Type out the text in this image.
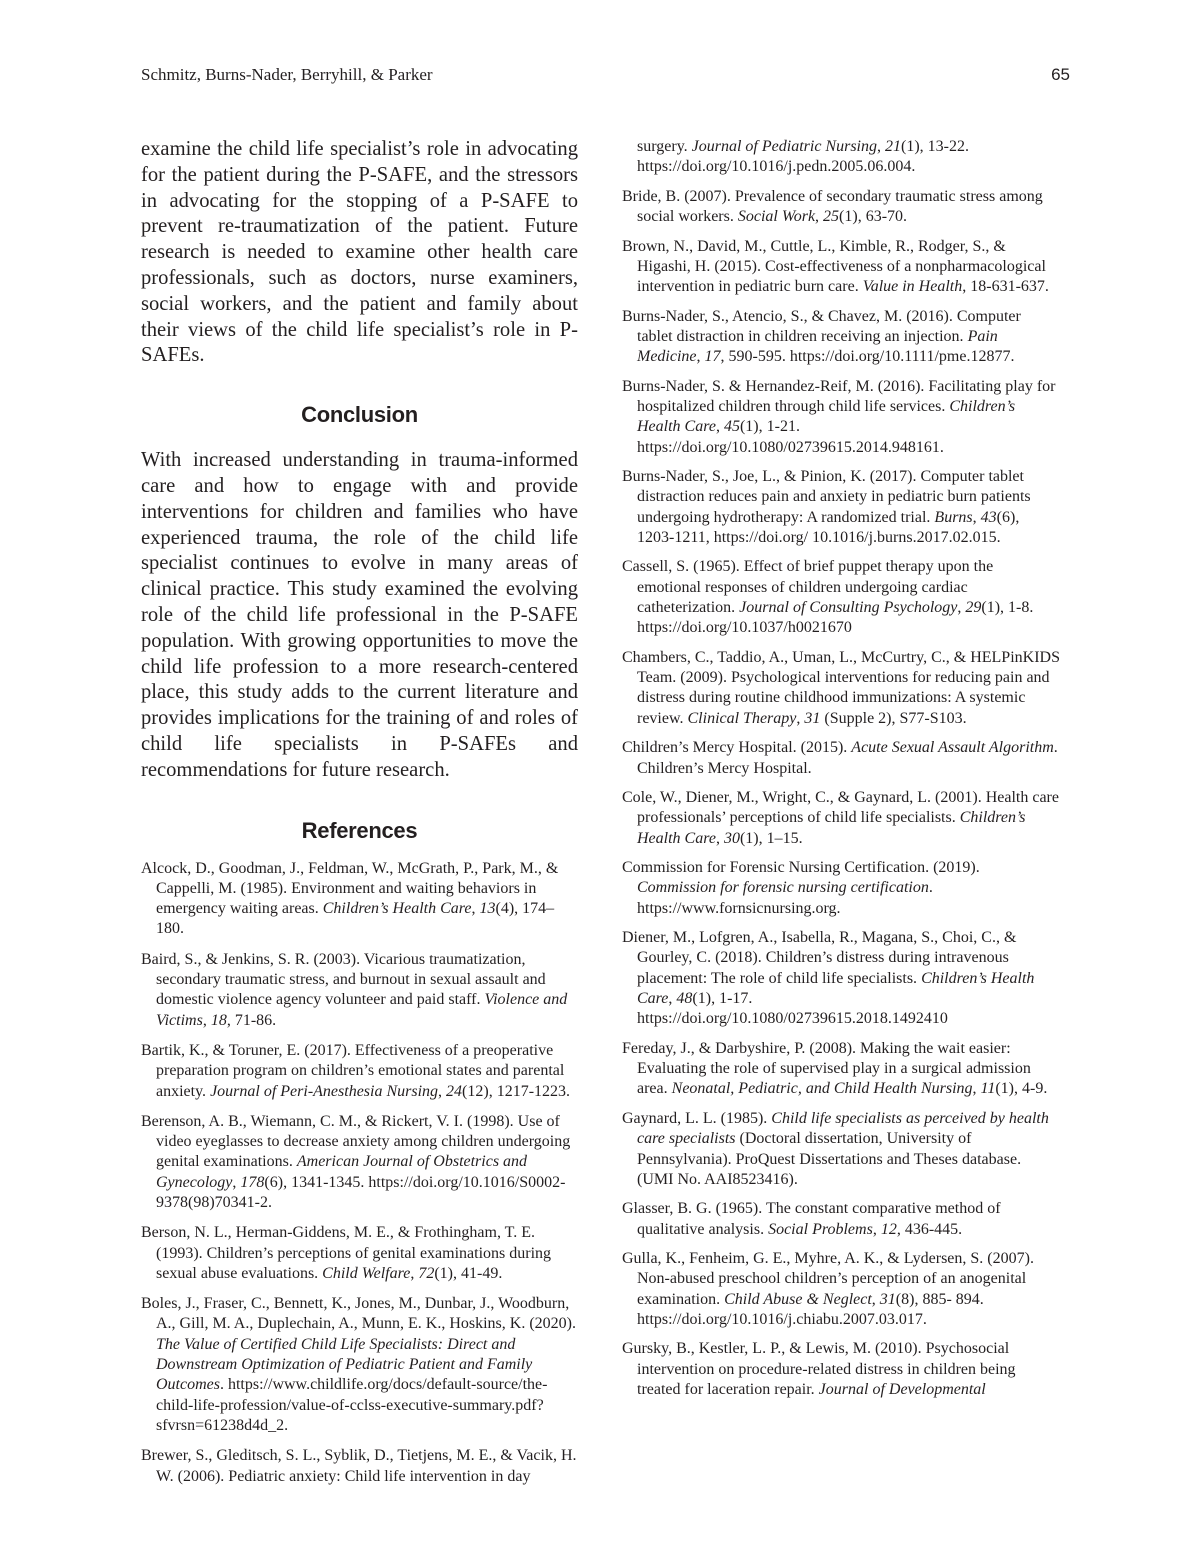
Schmitz, Burns-Nader, Berryhill, & Parker	65

examine the child life specialist’s role in advocating for the patient during the P-SAFE, and the stressors in advocating for the stopping of a P-SAFE to prevent re-traumatization of the patient. Future research is needed to examine other health care professionals, such as doctors, nurse examiners, social workers, and the patient and family about their views of the child life specialist’s role in P-SAFEs.

Conclusion

With increased understanding in trauma-informed care and how to engage with and provide interventions for children and families who have experienced trauma, the role of the child life specialist continues to evolve in many areas of clinical practice. This study examined the evolving role of the child life professional in the P-SAFE population. With growing opportunities to move the child life profession to a more research-centered place, this study adds to the current literature and provides implications for the training of and roles of child life specialists in P-SAFEs and recommendations for future research.

References

Alcock, D., Goodman, J., Feldman, W., McGrath, P., Park, M., & Cappelli, M. (1985). Environment and waiting behaviors in emergency waiting areas. Children’s Health Care, 13(4), 174–180.

Baird, S., & Jenkins, S. R. (2003). Vicarious traumatization, secondary traumatic stress, and burnout in sexual assault and domestic violence agency volunteer and paid staff. Violence and Victims, 18, 71-86.

Bartik, K., & Toruner, E. (2017). Effectiveness of a preoperative preparation program on children’s emotional states and parental anxiety. Journal of Peri-Anesthesia Nursing, 24(12), 1217-1223.

Berenson, A. B., Wiemann, C. M., & Rickert, V. I. (1998). Use of video eyeglasses to decrease anxiety among children undergoing genital examinations. American Journal of Obstetrics and Gynecology, 178(6), 1341-1345. https://doi.org/10.1016/S0002-9378(98)70341-2.

Berson, N. L., Herman-Giddens, M. E., & Frothingham, T. E. (1993). Children’s perceptions of genital examinations during sexual abuse evaluations. Child Welfare, 72(1), 41-49.

Boles, J., Fraser, C., Bennett, K., Jones, M., Dunbar, J., Woodburn, A., Gill, M. A., Duplechain, A., Munn, E. K., Hoskins, K. (2020). The Value of Certified Child Life Specialists: Direct and Downstream Optimization of Pediatric Patient and Family Outcomes. https://www.childlife.org/docs/default-source/the-child-life-profession/value-of-cclss-executive-summary.pdf?sfvrsn=61238d4d_2.

Brewer, S., Gleditsch, S. L., Syblik, D., Tietjens, M. E., & Vacik, H. W. (2006). Pediatric anxiety: Child life intervention in day

surgery. Journal of Pediatric Nursing, 21(1), 13-22. https://doi.org/10.1016/j.pedn.2005.06.004.

Bride, B. (2007). Prevalence of secondary traumatic stress among social workers. Social Work, 25(1), 63-70.

Brown, N., David, M., Cuttle, L., Kimble, R., Rodger, S., & Higashi, H. (2015). Cost-effectiveness of a nonpharmacological intervention in pediatric burn care. Value in Health, 18-631-637.

Burns-Nader, S., Atencio, S., & Chavez, M. (2016). Computer tablet distraction in children receiving an injection. Pain Medicine, 17, 590-595. https://doi.org/10.1111/pme.12877.

Burns-Nader, S. & Hernandez-Reif, M. (2016). Facilitating play for hospitalized children through child life services. Children’s Health Care, 45(1), 1-21. https://doi.org/10.1080/02739615.2014.948161.

Burns-Nader, S., Joe, L., & Pinion, K. (2017). Computer tablet distraction reduces pain and anxiety in pediatric burn patients undergoing hydrotherapy: A randomized trial. Burns, 43(6), 1203-1211, https://doi.org/ 10.1016/j.burns.2017.02.015.

Cassell, S. (1965). Effect of brief puppet therapy upon the emotional responses of children undergoing cardiac catheterization. Journal of Consulting Psychology, 29(1), 1-8. https://doi.org/10.1037/h0021670

Chambers, C., Taddio, A., Uman, L., McCurtry, C., & HELPinKIDS Team. (2009). Psychological interventions for reducing pain and distress during routine childhood immunizations: A systemic review. Clinical Therapy, 31 (Supple 2), S77-S103.

Children’s Mercy Hospital. (2015). Acute Sexual Assault Algorithm. Children’s Mercy Hospital.

Cole, W., Diener, M., Wright, C., & Gaynard, L. (2001). Health care professionals’ perceptions of child life specialists. Children’s Health Care, 30(1), 1–15.

Commission for Forensic Nursing Certification. (2019). Commission for forensic nursing certification. https://www.fornsicnursing.org.

Diener, M., Lofgren, A., Isabella, R., Magana, S., Choi, C., & Gourley, C. (2018). Children’s distress during intravenous placement: The role of child life specialists. Children’s Health Care, 48(1), 1-17. https://doi.org/10.1080/02739615.2018.1492410

Fereday, J., & Darbyshire, P. (2008). Making the wait easier: Evaluating the role of supervised play in a surgical admission area. Neonatal, Pediatric, and Child Health Nursing, 11(1), 4-9.

Gaynard, L. L. (1985). Child life specialists as perceived by health care specialists (Doctoral dissertation, University of Pennsylvania). ProQuest Dissertations and Theses database. (UMI No. AAI8523416).

Glasser, B. G. (1965). The constant comparative method of qualitative analysis. Social Problems, 12, 436-445.

Gulla, K., Fenheim, G. E., Myhre, A. K., & Lydersen, S. (2007). Non-abused preschool children’s perception of an anogenital examination. Child Abuse & Neglect, 31(8), 885- 894. https://doi.org/10.1016/j.chiabu.2007.03.017.

Gursky, B., Kestler, L. P., & Lewis, M. (2010). Psychosocial intervention on procedure-related distress in children being treated for laceration repair. Journal of Developmental
